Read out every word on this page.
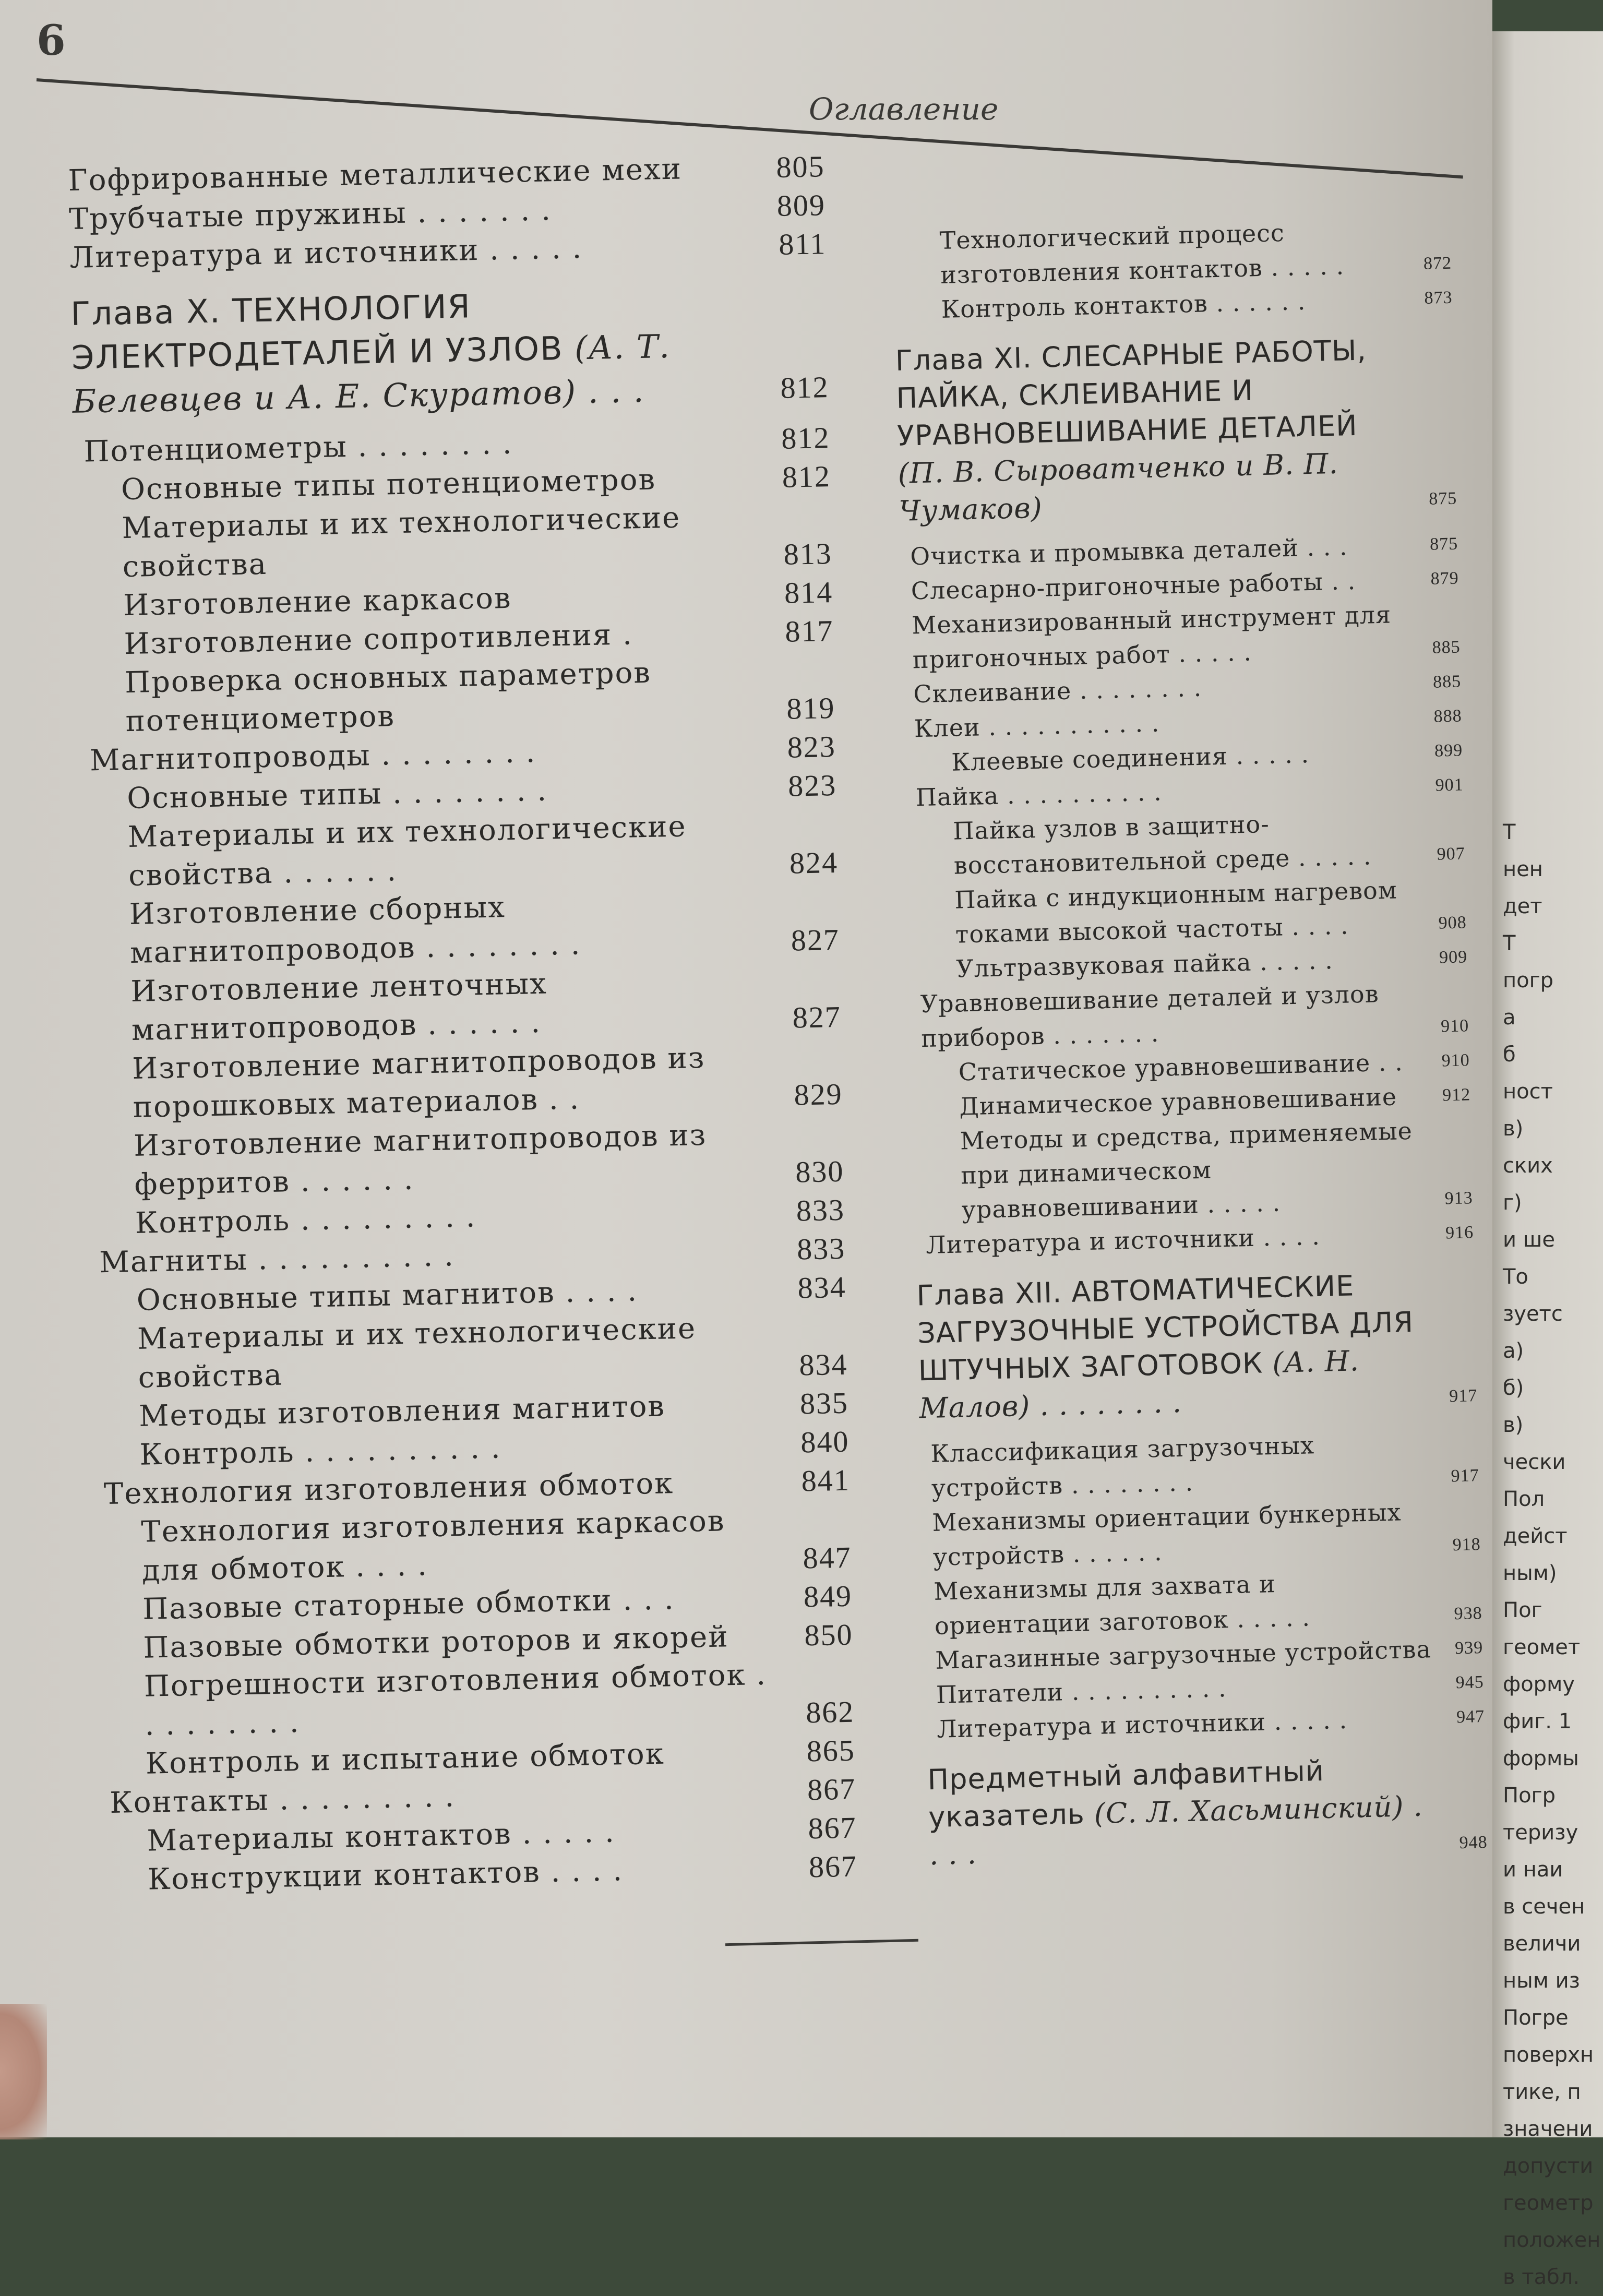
6
Оглавление
Гофрированные металлические мехи	805
Трубчатые пружины . . . . . . .	809
Литература и источники . . . . .	811
Глава X. ТЕХНОЛОГИЯ ЭЛЕКТРОДЕТАЛЕЙ И УЗЛОВ (А. Т. Белевцев и А. Е. Скуратов) . . .	812
Потенциометры . . . . . . . .	812
Основные типы потенциометров	812
Материалы и их технологические свойства	813
Изготовление каркасов	814
Изготовление сопротивления .	817
Проверка основных параметров потенциометров	819
Магнитопроводы . . . . . . . .	823
Основные типы . . . . . . . .	823
Материалы и их технологические свойства . . . . . .	824
Изготовление сборных магнитопроводов . . . . . . . .	827
Изготовление ленточных магнитопроводов . . . . . .	827
Изготовление магнитопроводов из порошковых материалов . .	829
Изготовление магнитопроводов из ферритов . . . . . .	830
Контроль . . . . . . . . .	833
Магниты . . . . . . . . . .	833
Основные типы магнитов . . . .	834
Материалы и их технологические свойства	834
Методы изготовления магнитов	835
Контроль . . . . . . . . . .	840
Технология изготовления обмоток	841
Технология изготовления каркасов для обмоток . . . .	847
Пазовые статорные обмотки . . .	849
Пазовые обмотки роторов и якорей	850
Погрешности изготовления обмоток . . . . . . . . .	862
Контроль и испытание обмоток	865
Контакты . . . . . . . . .	867
Материалы контактов . . . . .	867
Конструкции контактов . . . .	867
Технологический процесс изготовления контактов . . . . .	872
Контроль контактов . . . . . .	873
Глава XI. СЛЕСАРНЫЕ РАБОТЫ, ПАЙКА, СКЛЕИВАНИЕ И УРАВНОВЕШИВАНИЕ ДЕТАЛЕЙ (П. В. Сыроватченко и В. П. Чумаков)	875
Очистка и промывка деталей . . .	875
Слесарно-пригоночные работы . .	879
Механизированный инструмент для пригоночных работ . . . . .	885
Склеивание . . . . . . . .	885
Клеи . . . . . . . . . . .	888
Клеевые соединения . . . . .	899
Пайка . . . . . . . . . .	901
Пайка узлов в защитно-восстановительной среде . . . . .	907
Пайка с индукционным нагревом токами высокой частоты . . . .	908
Ультразвуковая пайка . . . . .	909
Уравновешивание деталей и узлов приборов . . . . . . .	910
Статическое уравновешивание . .	910
Динамическое уравновешивание	912
Методы и средства, применяемые при динамическом уравновешивании . . . . .	913
Литература и источники . . . .	916
Глава XII. АВТОМАТИЧЕСКИЕ ЗАГРУЗОЧНЫЕ УСТРОЙСТВА ДЛЯ ШТУЧНЫХ ЗАГОТОВОК (А. Н. Малов) . . . . . . . .	917
Классификация загрузочных устройств . . . . . . . .	917
Механизмы ориентации бункерных устройств . . . . . .	918
Механизмы для захвата и ориентации заготовок . . . . .	938
Магазинные загрузочные устройства	939
Питатели . . . . . . . . . .	945
Литература и источники . . . . .	947
Предметный алфавитный указатель (С. Л. Хасьминский) . . . .	948
Т
нен
дет
Т
погр
а
б
ност
в)
ских
г)
и ше
То
зуетс
а)
б)
в)
чески
Пол
дейст
ным)
Пог
геомет
форму
фиг. 1
формы
Погр
теризу
и наи
в сечен
величи
ным из
Погре
поверхн
тике, п
значени
допусти
геометр
положен
в табл.
